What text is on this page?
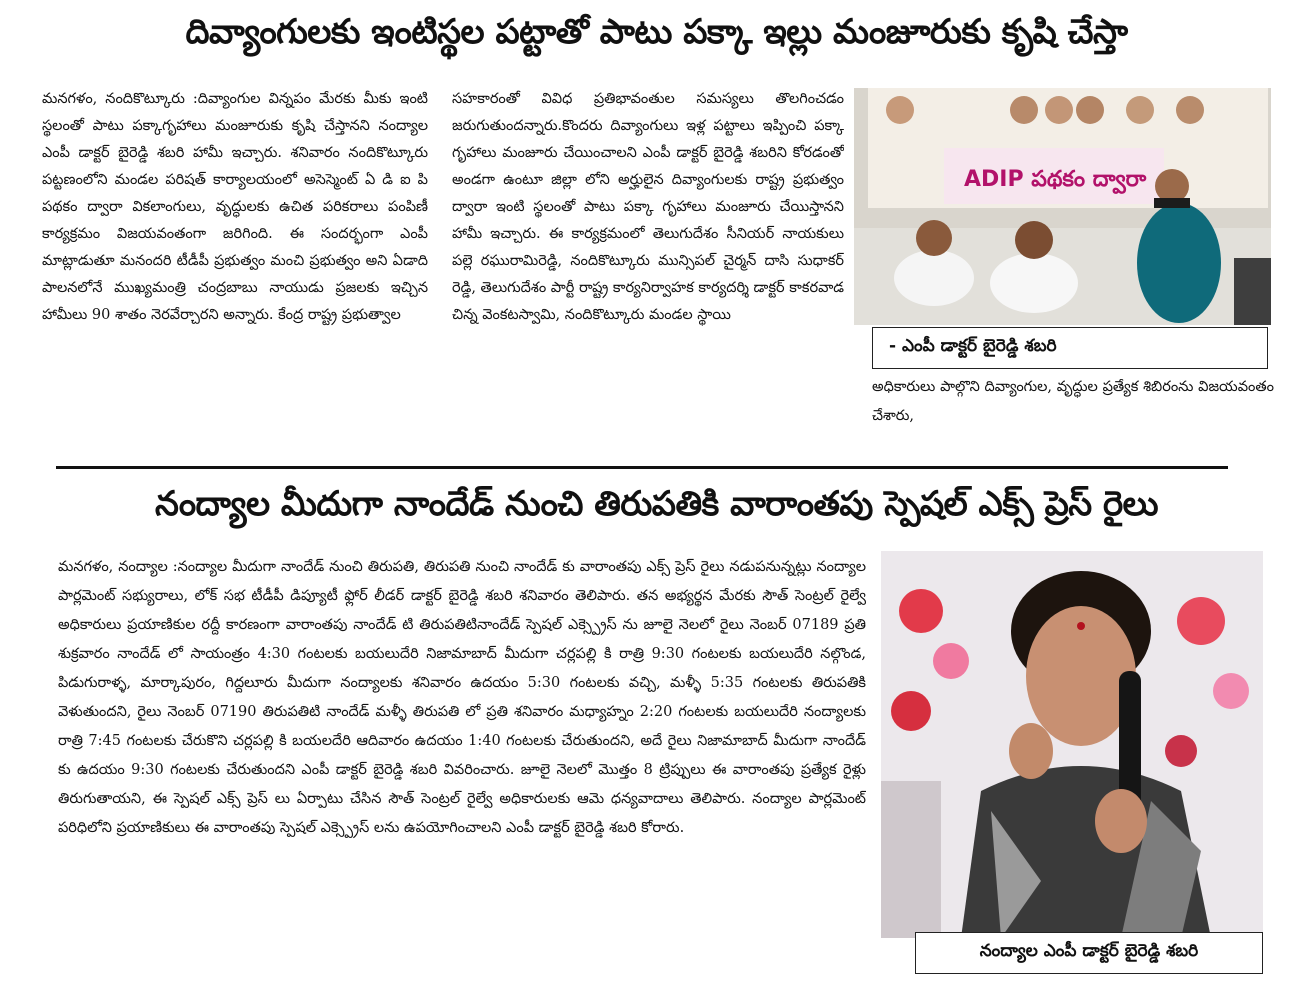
దివ్యాంగులకు ఇంటిస్థల పట్టాతో పాటు పక్కా ఇల్లు మంజూరుకు కృషి చేస్తా

మనగళం, నందికొట్కూరు :దివ్యాంగుల విన్నపం మేరకు మీకు ఇంటి స్థలంతో పాటు పక్కాగృహాలు మంజూరుకు కృషి చేస్తానని నంద్యాల ఎంపీ డాక్టర్ బైరెడ్డి శబరి హామీ ఇచ్చారు. శనివారం నందికొట్కూరు పట్టణంలోని మండల పరిషత్ కార్యాలయంలో అసెస్మెంట్ ఏ డి ఐ పి పథకం ద్వారా వికలాంగులు, వృద్ధులకు ఉచిత పరికరాలు పంపిణీ కార్యక్రమం విజయవంతంగా జరిగింది. ఈ సందర్భంగా ఎంపీ మాట్లాడుతూ మనందరి టీడీపీ ప్రభుత్వం మంచి ప్రభుత్వం అని ఏడాది పాలనలోనే ముఖ్యమంత్రి చంద్రబాబు నాయుడు ప్రజలకు ఇచ్చిన హామీలు 90 శాతం నెరవేర్చారని అన్నారు. కేంద్ర రాష్ట్ర ప్రభుత్వాల

సహకారంతో వివిధ ప్రతిభావంతుల సమస్యలు తొలగించడం జరుగుతుందన్నారు.కొందరు దివ్యాంగులు ఇళ్ల పట్టాలు ఇప్పించి పక్కా గృహాలు మంజూరు చేయించాలని ఎంపీ డాక్టర్ బైరెడ్డి శబరిని కోరడంతో అండగా ఉంటూ జిల్లా లోని అర్హులైన దివ్యాంగులకు రాష్ట్ర ప్రభుత్వం ద్వారా ఇంటి స్థలంతో పాటు పక్కా గృహాలు మంజూరు చేయిస్తానని హామీ ఇచ్చారు. ఈ కార్యక్రమంలో తెలుగుదేశం సీనియర్ నాయకులు పల్లె రఘురామిరెడ్డి, నందికొట్కూరు మున్సిపల్ చైర్మన్ దాసి సుధాకర్ రెడ్డి, తెలుగుదేశం పార్టీ రాష్ట్ర కార్యనిర్వాహక కార్యదర్శి డాక్టర్ కాకరవాడ చిన్న వెంకటస్వామి, నందికొట్కూరు మండల స్థాయి

ADIP పథకం ద్వారా
- ఎంపీ డాక్టర్ బైరెడ్డి శబరి

అధికారులు పాల్గొని దివ్యాంగుల, వృద్ధుల ప్రత్యేక శిబిరంను విజయవంతం చేశారు,

నంద్యాల మీదుగా నాందేడ్ నుంచి తిరుపతికి వారాంతపు స్పెషల్ ఎక్స్ ప్రెస్ రైలు

మనగళం, నంద్యాల :నంద్యాల మీదుగా నాందేడ్ నుంచి తిరుపతి, తిరుపతి నుంచి నాందేడ్ కు వారాంతపు ఎక్స్ ప్రెస్ రైలు నడుపనున్నట్లు నంద్యాల పార్లమెంట్ సభ్యురాలు, లోక్ సభ టీడీపీ డిప్యూటీ ఫ్లోర్ లీడర్ డాక్టర్ బైరెడ్డి శబరి శనివారం తెలిపారు. తన అభ్యర్థన మేరకు సౌత్ సెంట్రల్ రైల్వే అధికారులు ప్రయాణికుల రద్దీ కారణంగా వారాంతపు నాందేడ్ టి తిరుపతిటినాందేడ్ స్పెషల్ ఎక్స్ప్రెస్ ను జూలై నెలలో రైలు నెంబర్ 07189 ప్రతి శుక్రవారం నాందేడ్ లో సాయంత్రం 4:30 గంటలకు బయలుదేరి నిజామాబాద్ మీదుగా చర్లపల్లి కి రాత్రి 9:30 గంటలకు బయలుదేరి నల్గొండ, పిడుగురాళ్ళ, మార్కాపురం, గిద్దలూరు మీదుగా నంద్యాలకు శనివారం ఉదయం 5:30 గంటలకు వచ్చి, మళ్ళీ 5:35 గంటలకు తిరుపతికి వెళుతుందని, రైలు నెంబర్ 07190 తిరుపతిటి నాందేడ్ మళ్ళీ తిరుపతి లో ప్రతి శనివారం మధ్యాహ్నం 2:20 గంటలకు బయలుదేరి నంద్యాలకు రాత్రి 7:45 గంటలకు చేరుకొని చర్లపల్లి కి బయలదేరి ఆదివారం ఉదయం 1:40 గంటలకు చేరుతుందని, అదే రైలు నిజామాబాద్ మీదుగా నాందేడ్ కు ఉదయం 9:30 గంటలకు చేరుతుందని ఎంపీ డాక్టర్ బైరెడ్డి శబరి వివరించారు. జూలై నెలలో మొత్తం 8 ట్రిప్పులు ఈ వారాంతపు ప్రత్యేక రైళ్లు తిరుగుతాయని, ఈ స్పెషల్ ఎక్స్ ప్రెస్ లు ఏర్పాటు చేసిన సౌత్ సెంట్రల్ రైల్వే అధికారులకు ఆమె ధన్యవాదాలు తెలిపారు. నంద్యాల పార్లమెంట్ పరిధిలోని ప్రయాణికులు ఈ వారాంతపు స్పెషల్ ఎక్స్ప్రెస్ లను ఉపయోగించాలని ఎంపీ డాక్టర్ బైరెడ్డి శబరి కోరారు.

నంద్యాల ఎంపీ డాక్టర్ బైరెడ్డి శబరి
